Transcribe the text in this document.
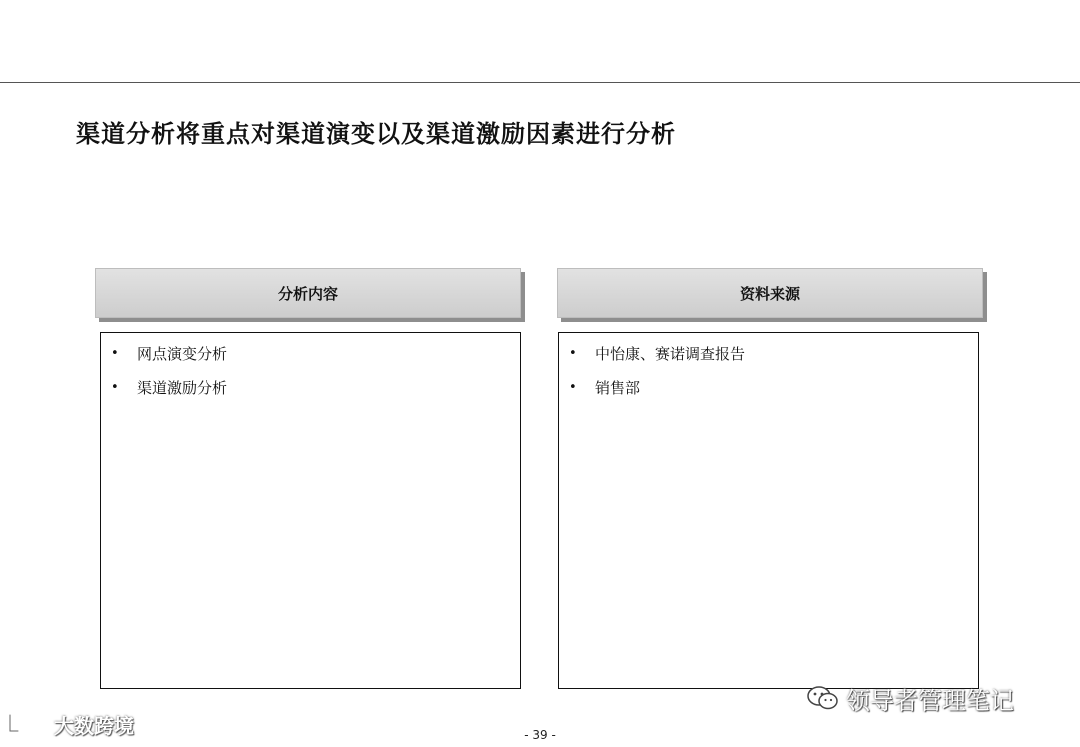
渠道分析将重点对渠道演变以及渠道激励因素进行分析
分析内容
• 网点演变分析
• 渠道激励分析
资料来源
• 中怡康、赛诺调查报告
• 销售部
领导者管理笔记
大数跨境	- 39 -
